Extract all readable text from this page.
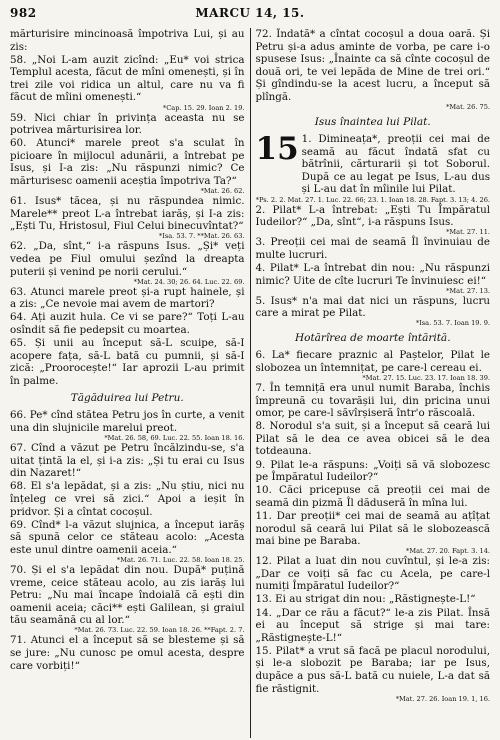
982	MARCU 14, 15.

mărturisire mincinoasă împotriva Lui, și au zis:

58. „Noi L-am auzit zicînd: „Eu* voi strica Templul acesta, făcut de mîni omenești, și în trei zile voi ridica un altul, care nu va fi făcut de mîini omenești.“

*Cap. 15. 29. Ioan 2. 19.

59. Nici chiar în privința aceasta nu se potrivea mărturisirea lor.

60. Atunci* marele preot s'a sculat în picioare în mijlocul adunării, a întrebat pe Isus, și I-a zis: „Nu răspunzi nimic? Ce mărturisesc oamenii aceștia împotriva Ta?“

*Mat. 26. 62.

61. Isus* tăcea, și nu răspundea nimic. Marele** preot L-a întrebat iarăș, și I-a zis: „Ești Tu, Hristosul, Fiul Celui binecuvîntat?“

*Isa. 53. 7. **Mat. 26. 63.

62. „Da, sînt,“ i-a răspuns Isus. „Și* veți vedea pe Fiul omului șezînd la dreapta puterii și venind pe norii cerului.“

*Mat. 24. 30; 26. 64. Luc. 22. 69.

63. Atunci marele preot și-a rupt hainele, și a zis: „Ce nevoie mai avem de martori?

64. Ați auzit hula. Ce vi se pare?“ Toți L-au osîndit să fie pedepsit cu moartea.

65. Și unii au început să-L scuipe, să-I acopere fața, să-L bată cu pumnii, și să-I zică: „Proorocește!“ Iar aprozii L-au primit în palme.

Tăgăduirea lui Petru.

66. Pe* cînd stătea Petru jos în curte, a venit una din slujnicile marelui preot.

*Mat. 26. 58, 69. Luc. 22. 55. Ioan 18. 16.

67. Cînd a văzut pe Petru încălzindu-se, s'a uitat țintă la el, și i-a zis: „Și tu erai cu Isus din Nazaret!“

68. El s'a lepădat, și a zis: „Nu știu, nici nu înțeleg ce vrei să zici.“ Apoi a ieșit în pridvor. Și a cîntat cocoșul.

69. Cînd* l-a văzut slujnica, a început iarăș să spună celor ce stăteau acolo: „Acesta este unul dintre oamenii aceia.“

*Mat. 26. 71. Luc. 22. 58. Ioan 18. 25.

70. Și el s'a lepădat din nou. După* puțină vreme, ceice stăteau acolo, au zis iarăș lui Petru: „Nu mai încape îndoială că ești din oamenii aceia; căci** ești Galilean, și graiul tău seamănă cu al lor.“

*Mat. 26. 73. Luc. 22. 59. Ioan 18. 26. **Fapt. 2. 7.

71. Atunci el a început să se blesteme și să se jure: „Nu cunosc pe omul acesta, despre care vorbiți!“

72. Îndată* a cîntat cocoșul a doua oară. Și Petru și-a adus aminte de vorba, pe care i-o spusese Isus: „Înainte ca să cînte cocoșul de două ori, te vei lepăda de Mine de trei ori.“ Și gîndindu-se la acest lucru, a început să plîngă.

*Mat. 26. 75.
Isus înaintea lui Pilat.
15 1. Dimineața*, preoții cei mai de seamă au făcut îndată sfat cu bătrînii, cărturarii și tot Soborul. După ce au legat pe Isus, L-au dus și L-au dat în mîinile lui Pilat.

*Ps. 2. 2. Mat. 27. 1. Luc. 22. 66; 23. 1. Ioan 18. 28. Fapt. 3. 13; 4. 26.

2. Pilat* L-a întrebat: „Ești Tu Împăratul Iudeilor?“ „Da, sînt“, i-a răspuns Isus.

*Mat. 27. 11.

3. Preoții cei mai de seamă Îl învinuiau de multe lucruri.

4. Pilat* L-a întrebat din nou: „Nu răspunzi nimic? Uite de cîte lucruri Te învinuiesc ei!“

*Mat. 27. 13.

5. Isus* n'a mai dat nici un răspuns, lucru care a mirat pe Pilat.

*Isa. 53. 7. Ioan 19. 9.
Hotărîrea de moarte întărită.

6. La* fiecare praznic al Paștelor, Pilat le slobozea un întemnițat, pe care-l cereau ei.

*Mat. 27. 15. Luc. 23. 17. Ioan 18. 39.

7. În temniță era unul numit Baraba, închis împreună cu tovarășii lui, din pricina unui omor, pe care-l săvîrșiseră într'o răscoală.

8. Norodul s'a suit, și a început să ceară lui Pilat să le dea ce avea obicei să le dea totdeauna.

9. Pilat le-a răspuns: „Voiți să vă slobozesc pe Împăratul Iudeilor?“

10. Căci pricepuse că preoții cei mai de seamă din pizmă Îl dăduseră în mîna lui.

11. Dar preoții* cei mai de seamă au ațîțat norodul să ceară lui Pilat să le slobozească mai bine pe Baraba.

*Mat. 27. 20. Fapt. 3. 14.

12. Pilat a luat din nou cuvîntul, și le-a zis: „Dar ce voiți să fac cu Acela, pe care-l numiți Împăratul Iudeilor?“

13. Ei au strigat din nou: „Răstignește-L!“

14. „Dar ce rău a făcut?“ le-a zis Pilat. Însă ei au început să strige și mai tare: „Răstignește-L!“

15. Pilat* a vrut să facă pe placul norodului, și le-a slobozit pe Baraba; iar pe Isus, dupăce a pus să-L bată cu nuiele, L-a dat să fie răstignit.

*Mat. 27. 26. Ioan 19. 1, 16.
